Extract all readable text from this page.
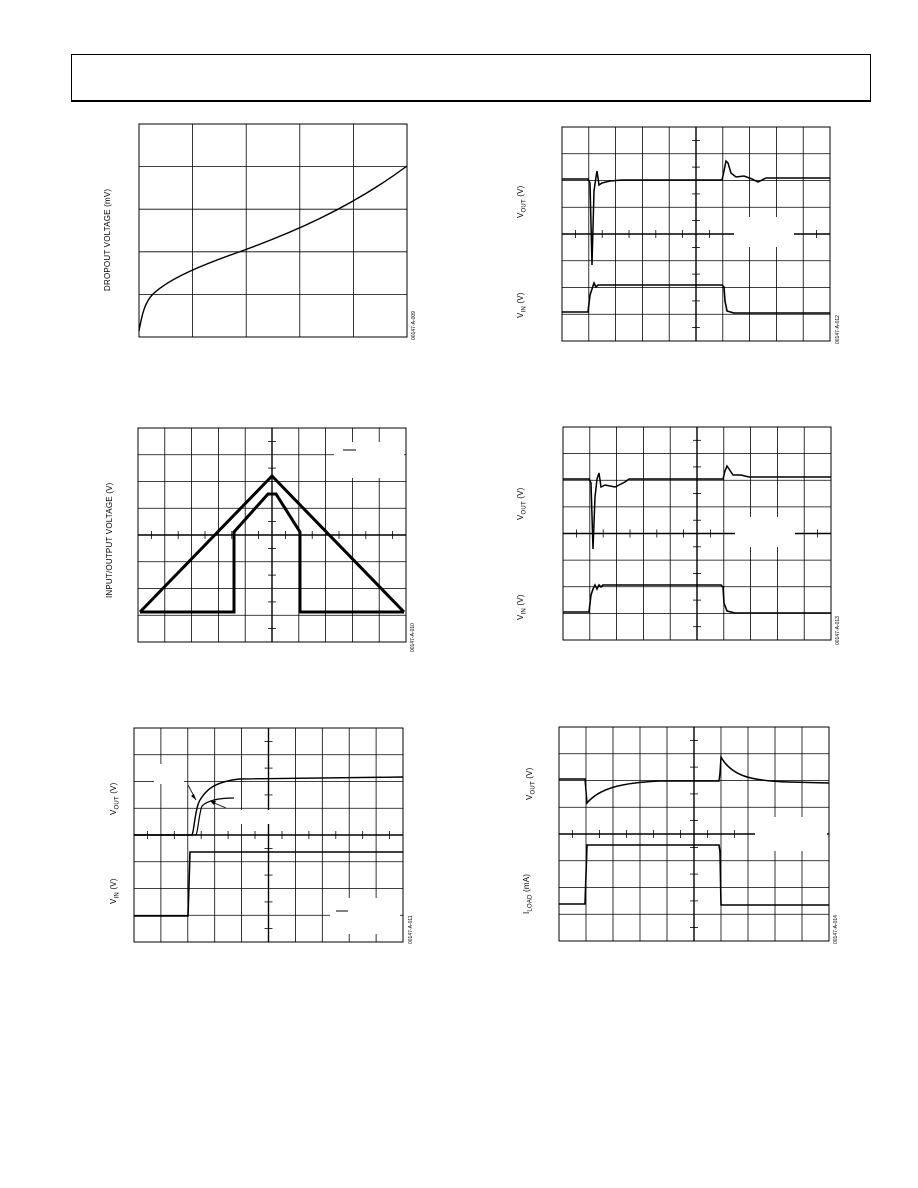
DROPOUT VOLTAGE (mV)
00147-A-009
INPUT/OUTPUT VOLTAGE (V)
00147-A-010
$V_{OUT}$ (V)
$V_{IN}$ (V)
00147-A-011
$V_{OUT}$ (V)
$V_{IN}$ (V)
00147-A-012
$V_{OUT}$ (V)
$V_{IN}$ (V)
00147-A-013
$V_{OUT}$ (V)
$I_{LOAD}$ (mA)
00147-A-014
